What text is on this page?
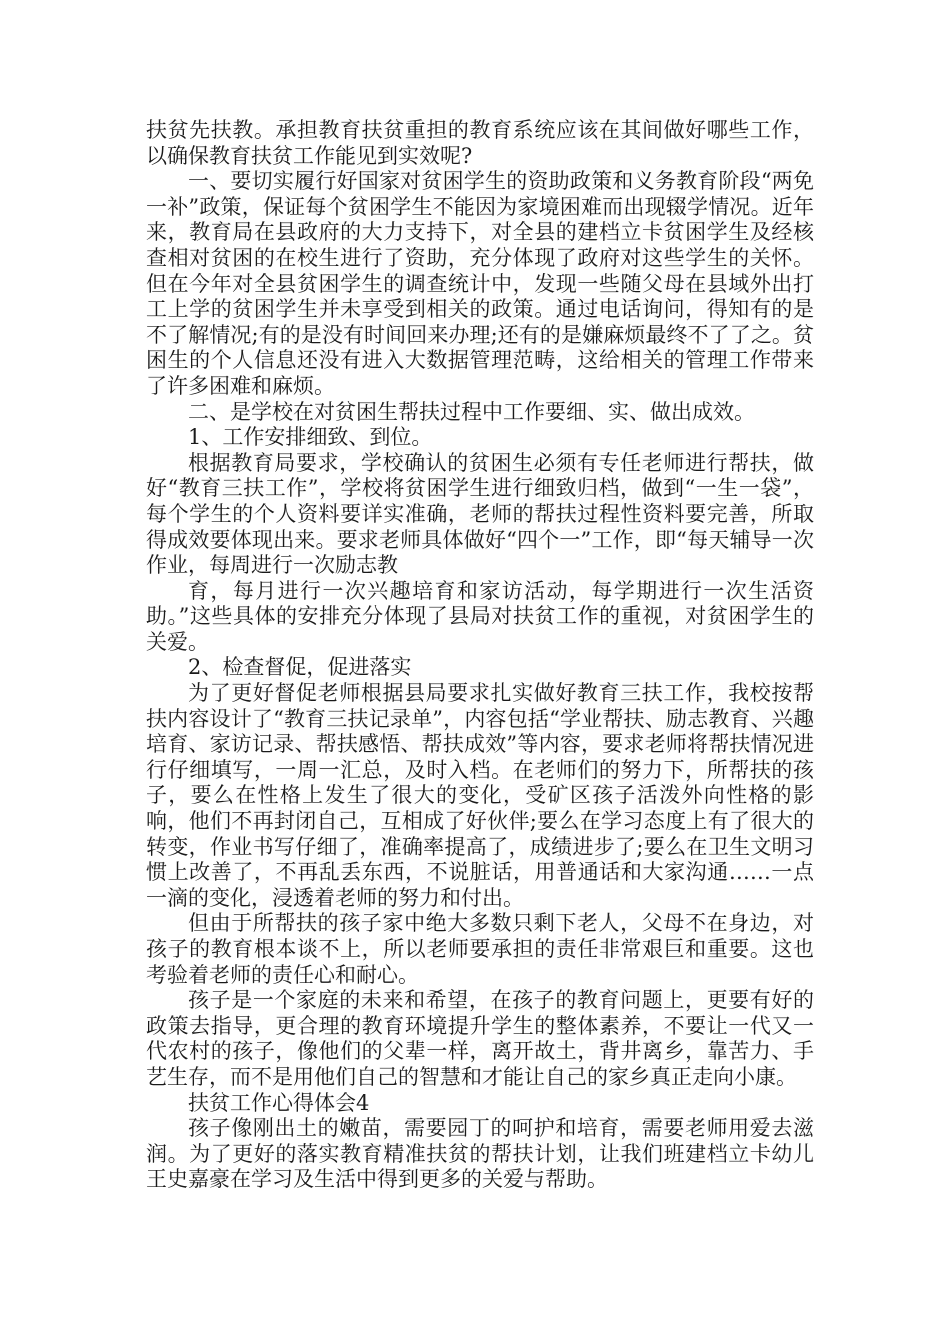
扶贫先扶教。承担教育扶贫重担的教育系统应该在其间做好哪些工作，以确保教育扶贫工作能见到实效呢?

一、要切实履行好国家对贫困学生的资助政策和义务教育阶段“两免一补”政策，保证每个贫困学生不能因为家境困难而出现辍学情况。近年来，教育局在县政府的大力支持下，对全县的建档立卡贫困学生及经核查相对贫困的在校生进行了资助，充分体现了政府对这些学生的关怀。但在今年对全县贫困学生的调查统计中，发现一些随父母在县域外出打工上学的贫困学生并未享受到相关的政策。通过电话询问，得知有的是不了解情况;有的是没有时间回来办理;还有的是嫌麻烦最终不了了之。贫困生的个人信息还没有进入大数据管理范畴，这给相关的管理工作带来了许多困难和麻烦。

二、是学校在对贫困生帮扶过程中工作要细、实、做出成效。

1、工作安排细致、到位。

根据教育局要求，学校确认的贫困生必须有专任老师进行帮扶，做好“教育三扶工作”，学校将贫困学生进行细致归档，做到“一生一袋”，每个学生的个人资料要详实准确，老师的帮扶过程性资料要完善，所取得成效要体现出来。要求老师具体做好“四个一”工作，即“每天辅导一次作业，每周进行一次励志教

育，每月进行一次兴趣培育和家访活动，每学期进行一次生活资助。”这些具体的安排充分体现了县局对扶贫工作的重视，对贫困学生的关爱。

2、检查督促，促进落实

为了更好督促老师根据县局要求扎实做好教育三扶工作，我校按帮扶内容设计了“教育三扶记录单”，内容包括“学业帮扶、励志教育、兴趣培育、家访记录、帮扶感悟、帮扶成效”等内容，要求老师将帮扶情况进行仔细填写，一周一汇总，及时入档。在老师们的努力下，所帮扶的孩子，要么在性格上发生了很大的变化，受矿区孩子活泼外向性格的影响，他们不再封闭自己，互相成了好伙伴;要么在学习态度上有了很大的转变，作业书写仔细了，准确率提高了，成绩进步了;要么在卫生文明习惯上改善了，不再乱丢东西，不说脏话，用普通话和大家沟通……一点一滴的变化，浸透着老师的努力和付出。

但由于所帮扶的孩子家中绝大多数只剩下老人，父母不在身边，对孩子的教育根本谈不上，所以老师要承担的责任非常艰巨和重要。这也考验着老师的责任心和耐心。

孩子是一个家庭的未来和希望，在孩子的教育问题上，更要有好的政策去指导，更合理的教育环境提升学生的整体素养，不要让一代又一代农村的孩子，像他们的父辈一样，离开故土，背井离乡，靠苦力、手艺生存，而不是用他们自己的智慧和才能让自己的家乡真正走向小康。

扶贫工作心得体会4

孩子像刚出土的嫩苗，需要园丁的呵护和培育，需要老师用爱去滋润。为了更好的落实教育精准扶贫的帮扶计划，让我们班建档立卡幼儿王史嘉豪在学习及生活中得到更多的关爱与帮助。
